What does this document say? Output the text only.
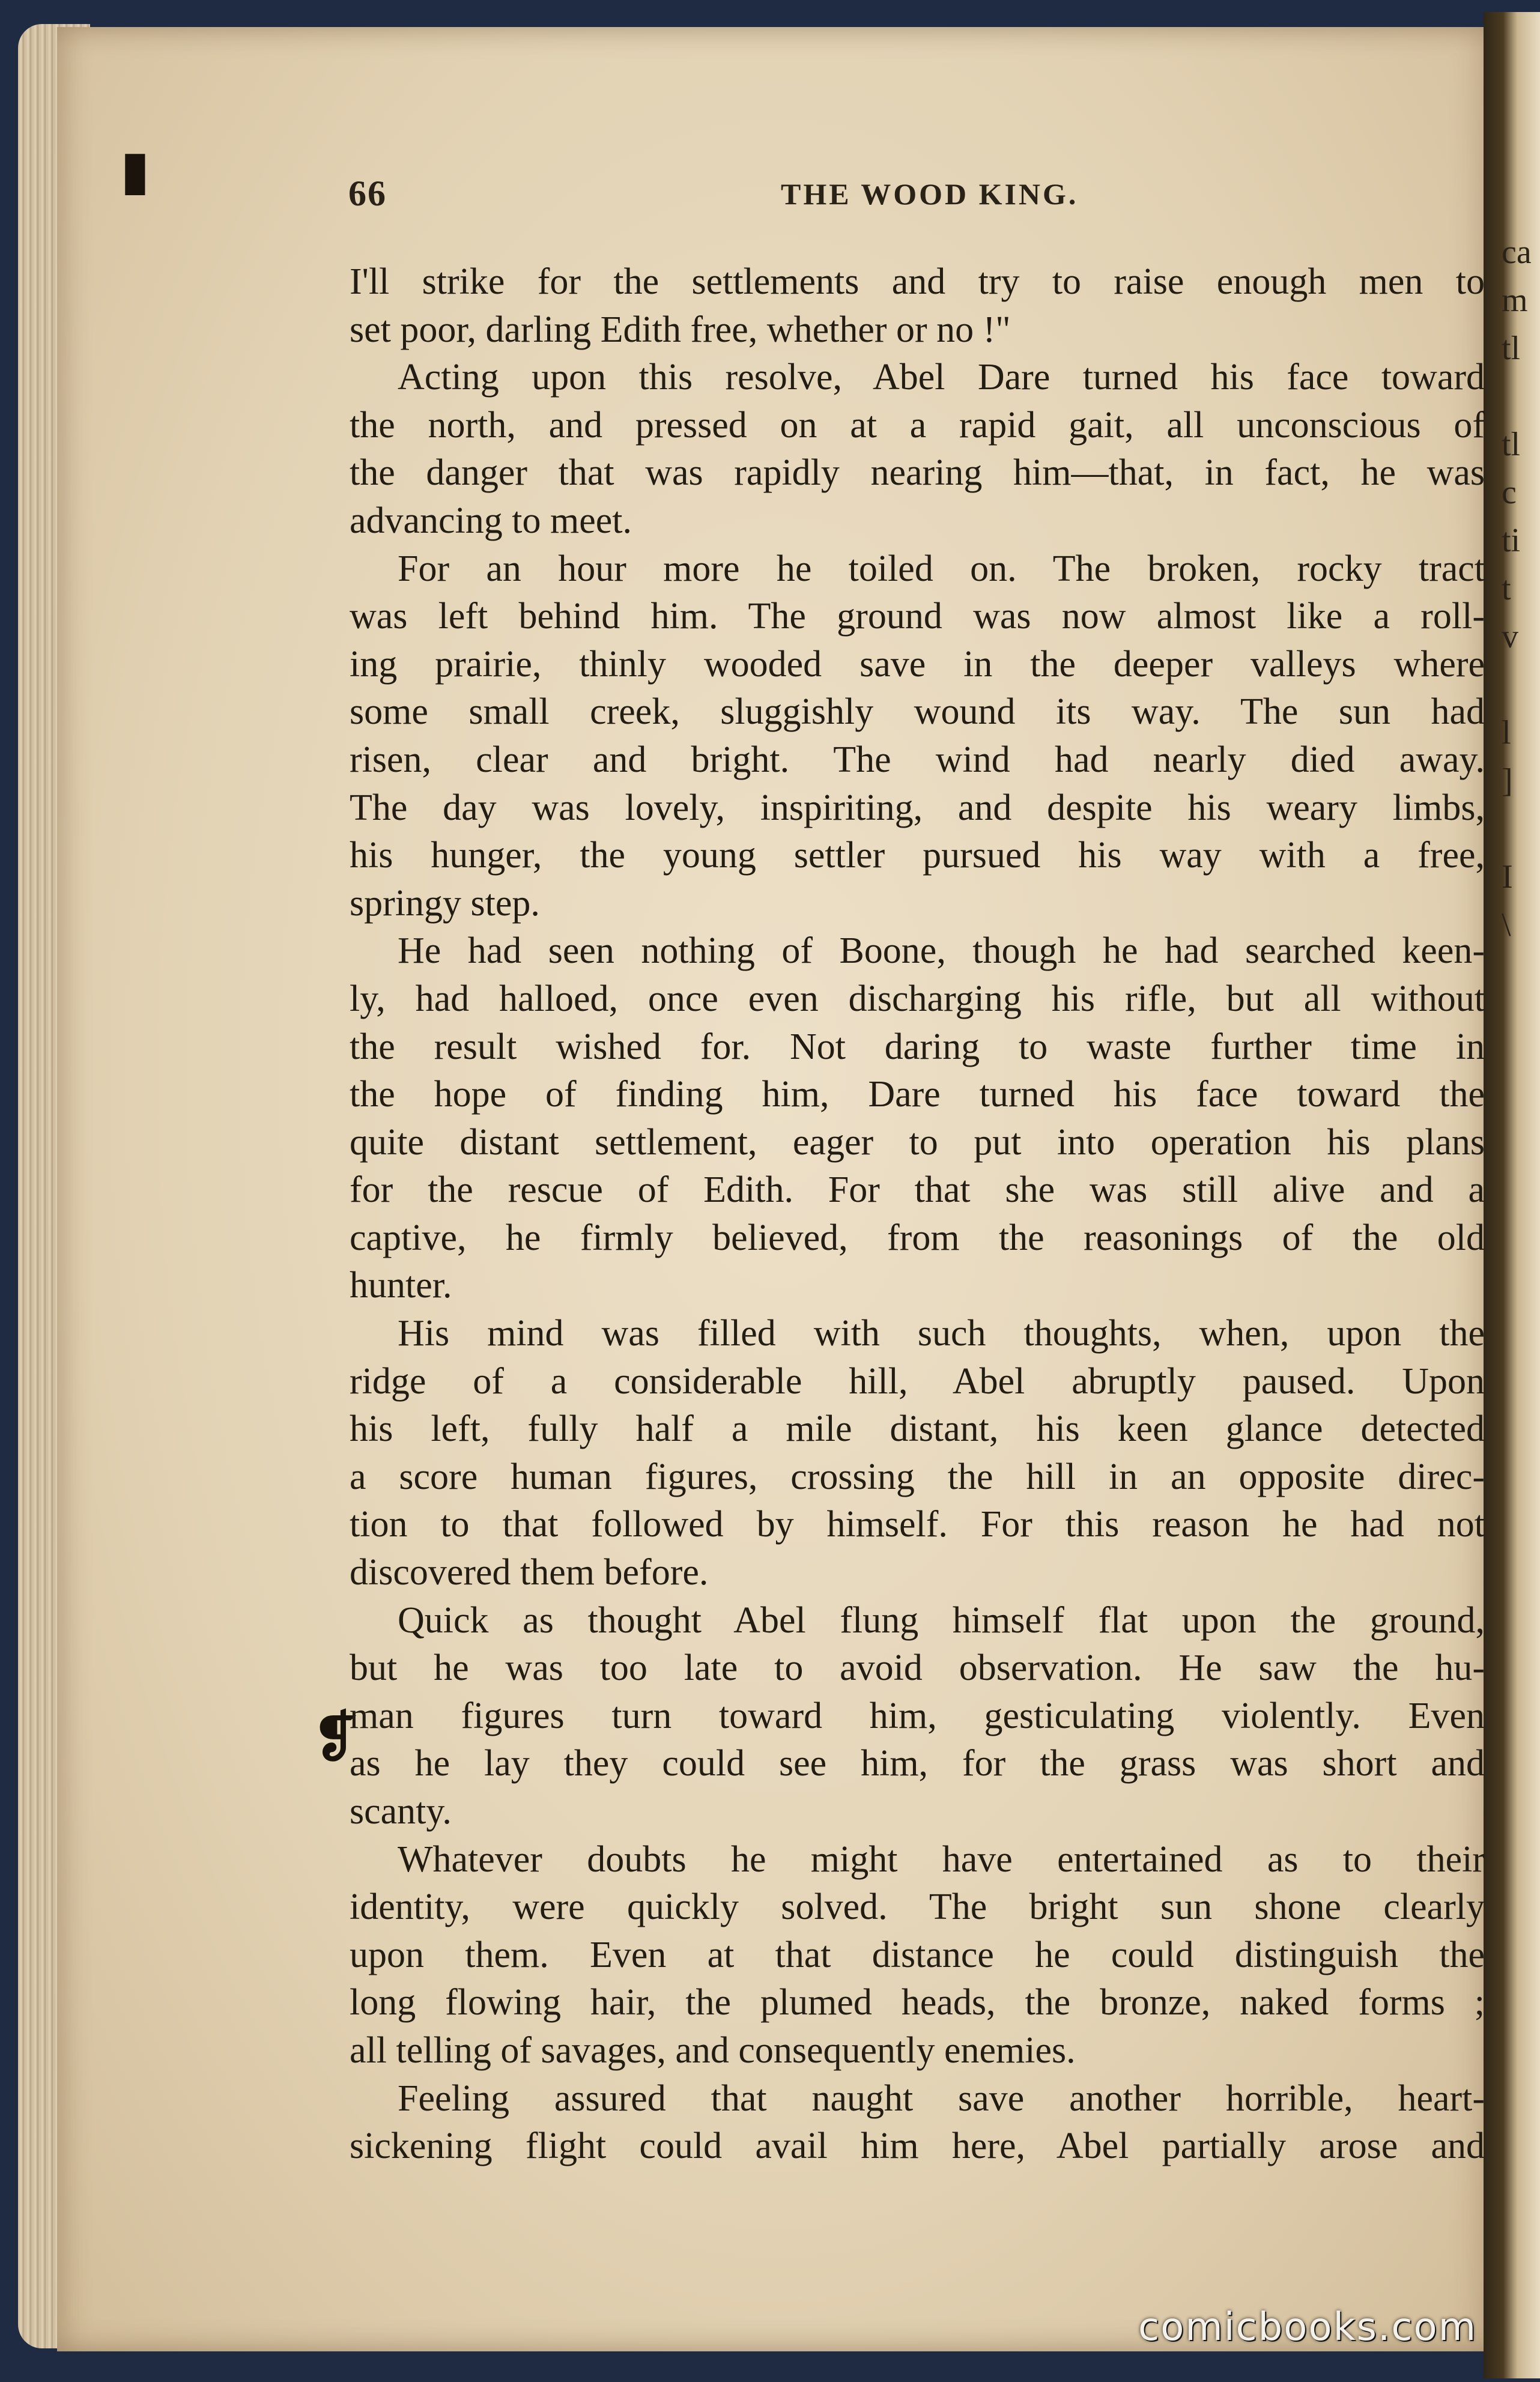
ca
m
tl

tl
c
ti
t
v

l
]

I
\
▮
❡
66	THE WOOD KING.
I'll strike for the settlements and try to raise enough men to
set poor, darling Edith free, whether or no !"
Acting upon this resolve, Abel Dare turned his face toward
the north, and pressed on at a rapid gait, all unconscious of
the danger that was rapidly nearing him—that, in fact, he was
advancing to meet.
For an hour more he toiled on. The broken, rocky tract
was left behind him. The ground was now almost like a roll-
ing prairie, thinly wooded save in the deeper valleys where
some small creek, sluggishly wound its way. The sun had
risen, clear and bright. The wind had nearly died away.
The day was lovely, inspiriting, and despite his weary limbs,
his hunger, the young settler pursued his way with a free,
springy step.
He had seen nothing of Boone, though he had searched keen-
ly, had halloed, once even discharging his rifle, but all without
the result wished for. Not daring to waste further time in
the hope of finding him, Dare turned his face toward the
quite distant settlement, eager to put into operation his plans
for the rescue of Edith. For that she was still alive and a
captive, he firmly believed, from the reasonings of the old
hunter.
His mind was filled with such thoughts, when, upon the
ridge of a considerable hill, Abel abruptly paused. Upon
his left, fully half a mile distant, his keen glance detected
a score human figures, crossing the hill in an opposite direc-
tion to that followed by himself. For this reason he had not
discovered them before.
Quick as thought Abel flung himself flat upon the ground,
but he was too late to avoid observation. He saw the hu-
man figures turn toward him, gesticulating violently. Even
as he lay they could see him, for the grass was short and
scanty.
Whatever doubts he might have entertained as to their
identity, were quickly solved. The bright sun shone clearly
upon them. Even at that distance he could distinguish the
long flowing hair, the plumed heads, the bronze, naked forms ;
all telling of savages, and consequently enemies.
Feeling assured that naught save another horrible, heart-
sickening flight could avail him here, Abel partially arose and
comicbooks.com
